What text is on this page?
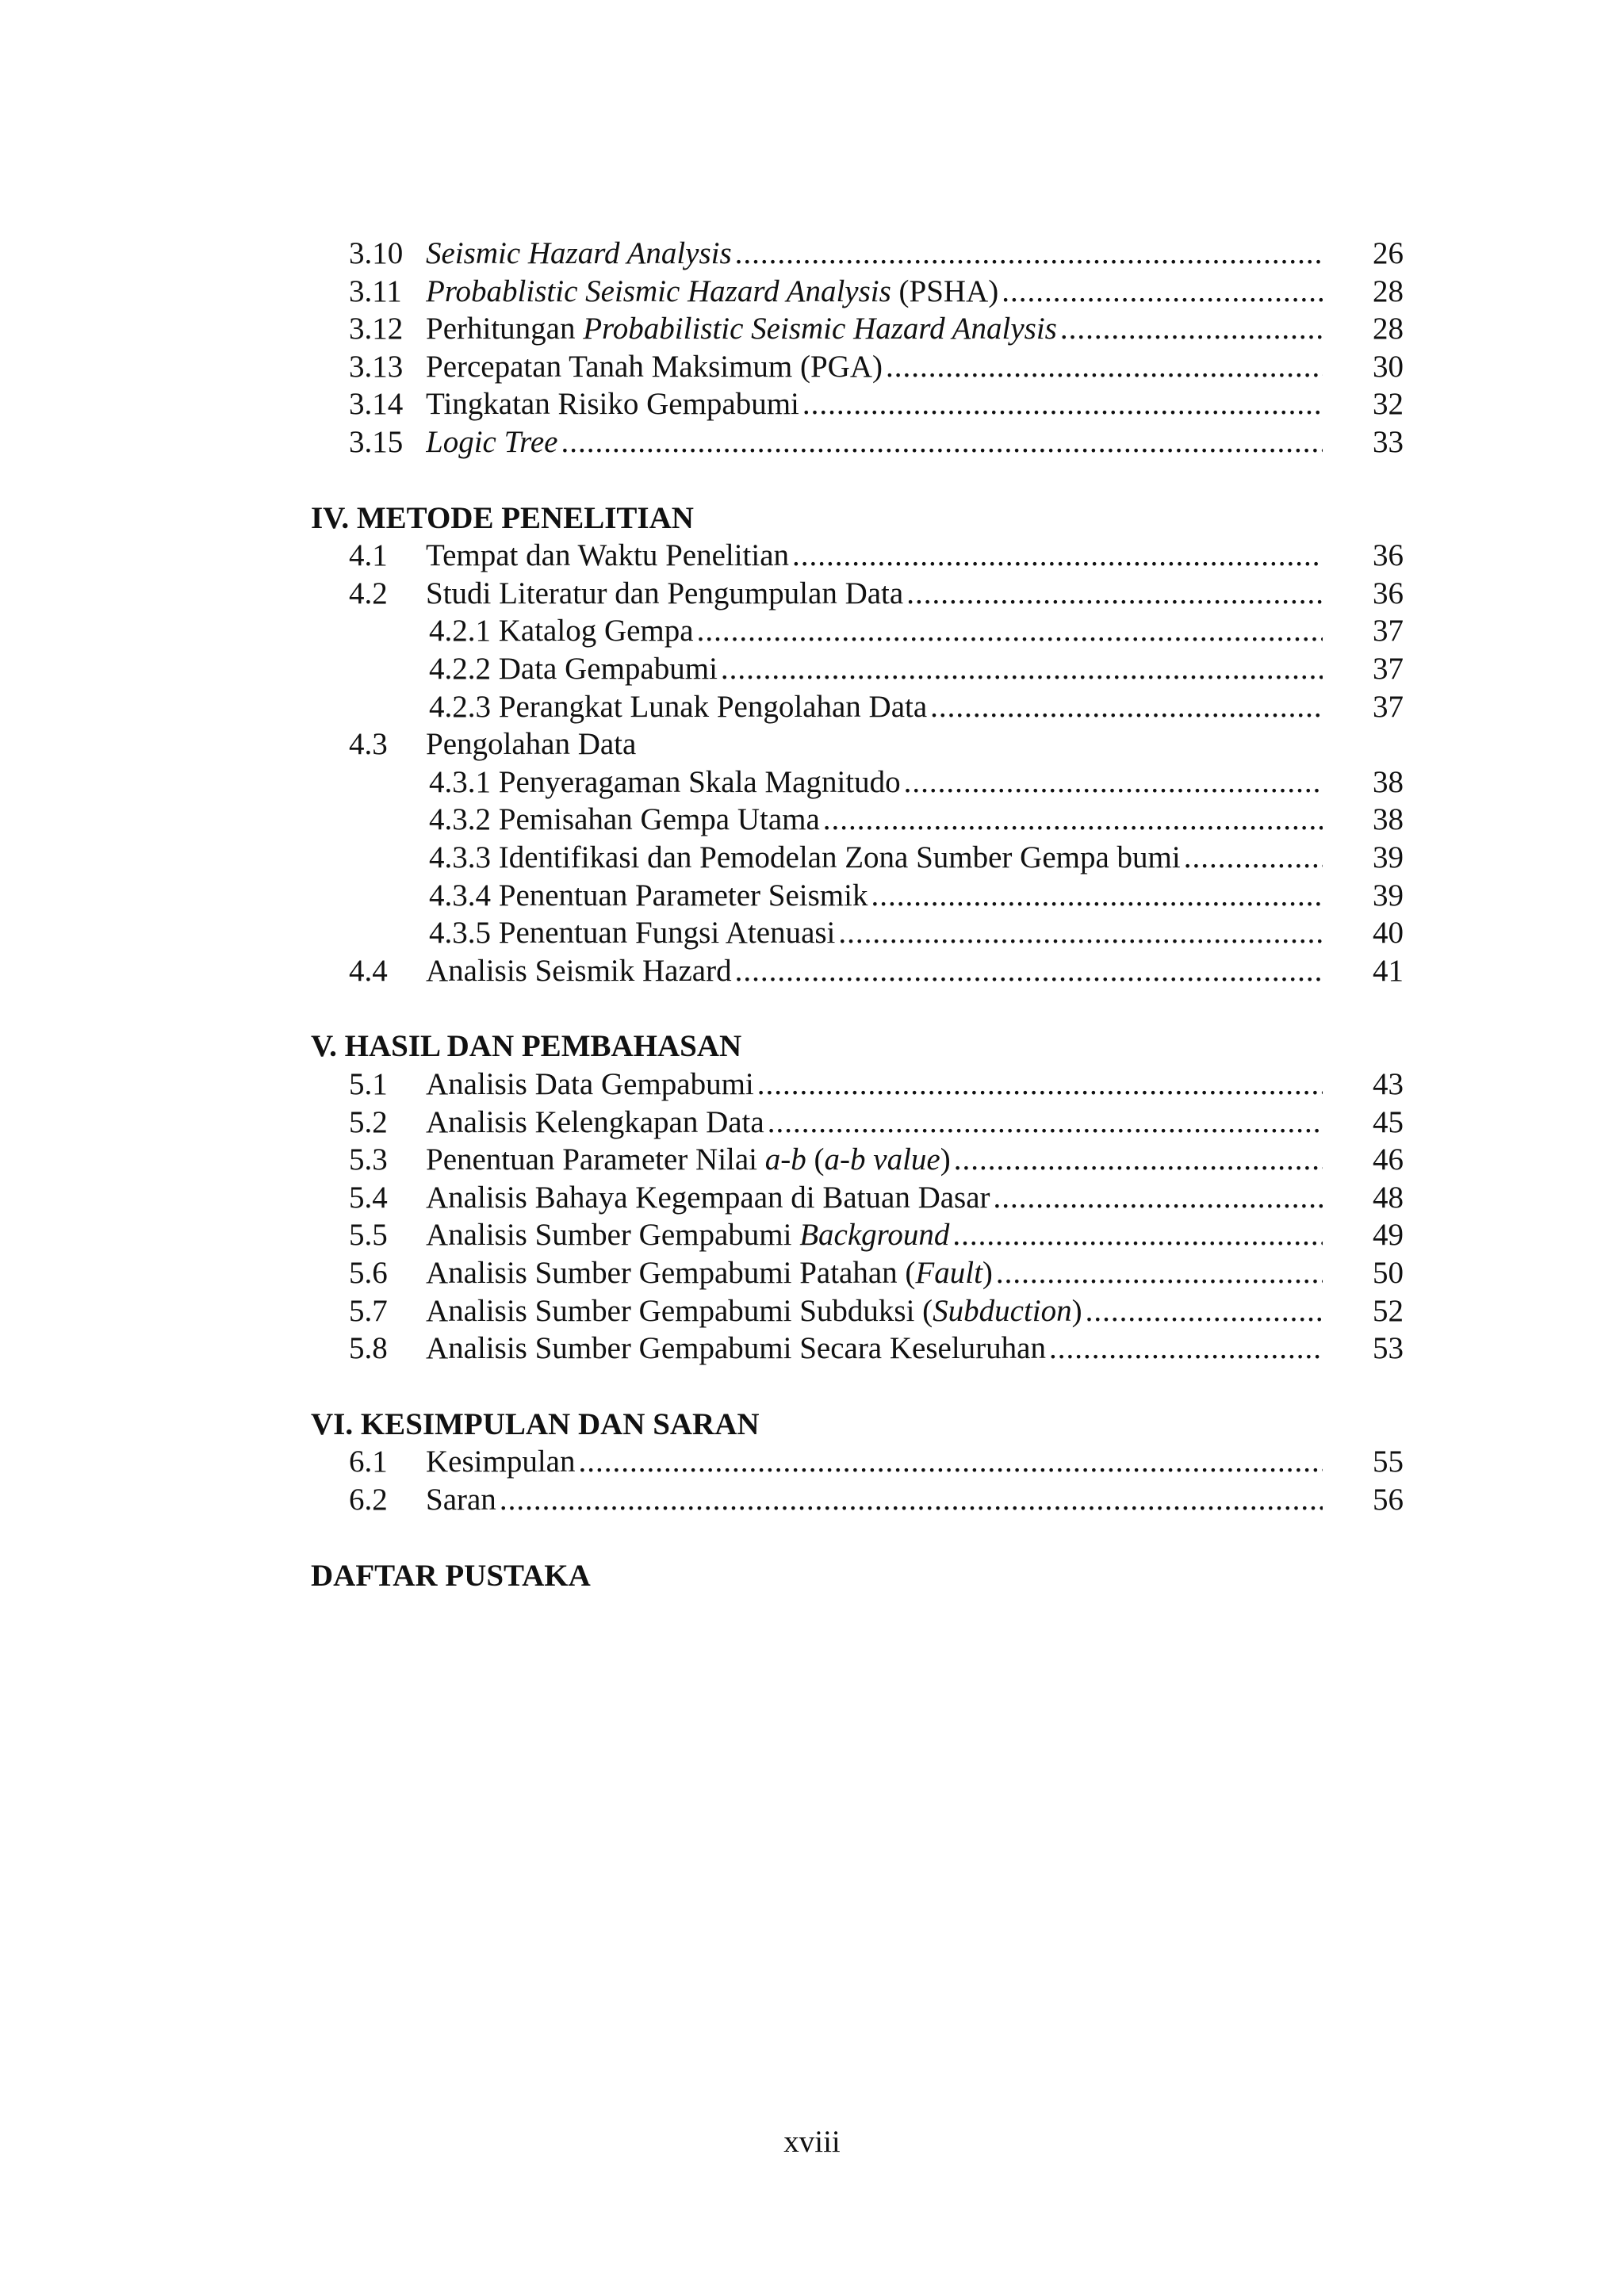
3.10 Seismic Hazard Analysis .....	26
3.11 Probablistic Seismic Hazard Analysis (PSHA) .....	28
3.12 Perhitungan Probabilistic Seismic Hazard Analysis .....	28
3.13 Percepatan Tanah Maksimum (PGA) .....	30
3.14 Tingkatan Risiko Gempabumi .....	32
3.15 Logic Tree .....	33
IV. METODE PENELITIAN
4.1 Tempat dan Waktu Penelitian .....	36
4.2 Studi Literatur dan Pengumpulan Data .....	36
4.2.1 Katalog Gempa .....	37
4.2.2 Data Gempabumi .....	37
4.2.3 Perangkat Lunak Pengolahan Data .....	37
4.3 Pengolahan Data
4.3.1 Penyeragaman Skala Magnitudo .....	38
4.3.2 Pemisahan Gempa Utama .....	38
4.3.3 Identifikasi dan Pemodelan Zona Sumber Gempa bumi .....	39
4.3.4 Penentuan Parameter Seismik .....	39
4.3.5 Penentuan Fungsi Atenuasi .....	40
4.4 Analisis Seismik Hazard .....	41
V. HASIL DAN PEMBAHASAN
5.1 Analisis Data Gempabumi .....	43
5.2 Analisis Kelengkapan Data .....	45
5.3 Penentuan Parameter Nilai a-b (a-b value) .....	46
5.4 Analisis Bahaya Kegempaan di Batuan Dasar .....	48
5.5 Analisis Sumber Gempabumi Background .....	49
5.6 Analisis Sumber Gempabumi Patahan (Fault) .....	50
5.7 Analisis Sumber Gempabumi Subduksi (Subduction) .....	52
5.8 Analisis Sumber Gempabumi Secara Keseluruhan .....	53
VI. KESIMPULAN DAN SARAN
6.1 Kesimpulan .....	55
6.2 Saran .....	56
DAFTAR PUSTAKA
xviii
